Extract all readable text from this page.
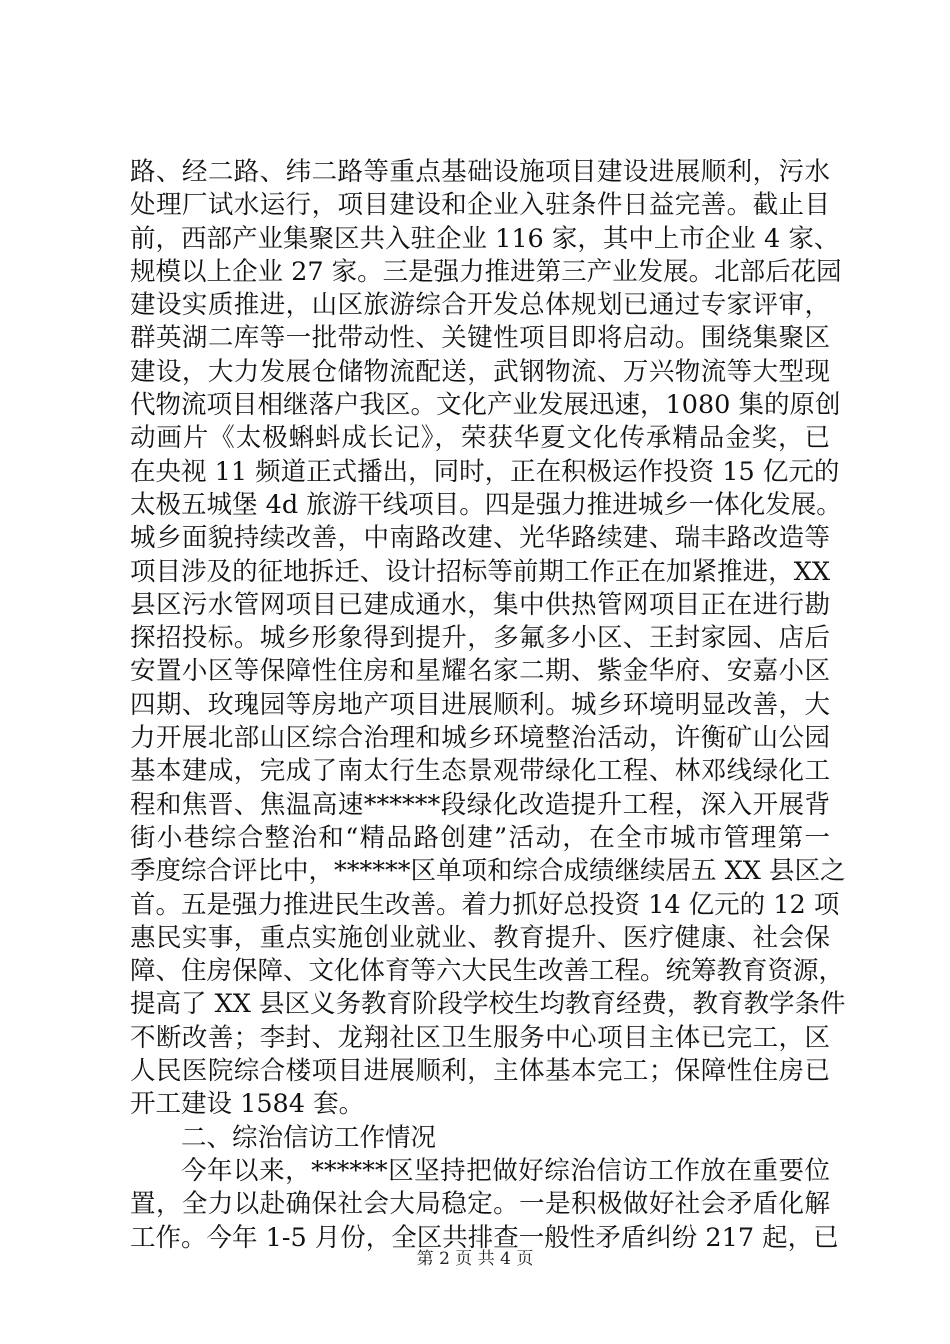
路、经二路、纬二路等重点基础设施项目建设进展顺利，污水
处理厂试水运行，项目建设和企业入驻条件日益完善。截止目
前，西部产业集聚区共入驻企业 116 家，其中上市企业 4 家、
规模以上企业 27 家。三是强力推进第三产业发展。北部后花园
建设实质推进，山区旅游综合开发总体规划已通过专家评审，
群英湖二库等一批带动性、关键性项目即将启动。围绕集聚区
建设，大力发展仓储物流配送，武钢物流、万兴物流等大型现
代物流项目相继落户我区。文化产业发展迅速，1080 集的原创
动画片《太极蝌蚪成长记》，荣获华夏文化传承精品金奖，已
在央视 11 频道正式播出，同时，正在积极运作投资 15 亿元的
太极五城堡 4d 旅游干线项目。四是强力推进城乡一体化发展。
城乡面貌持续改善，中南路改建、光华路续建、瑞丰路改造等
项目涉及的征地拆迁、设计招标等前期工作正在加紧推进，XX
县区污水管网项目已建成通水，集中供热管网项目正在进行勘
探招投标。城乡形象得到提升，多氟多小区、王封家园、店后
安置小区等保障性住房和星耀名家二期、紫金华府、安嘉小区
四期、玫瑰园等房地产项目进展顺利。城乡环境明显改善，大
力开展北部山区综合治理和城乡环境整治活动，许衡矿山公园
基本建成，完成了南太行生态景观带绿化工程、林邓线绿化工
程和焦晋、焦温高速******段绿化改造提升工程，深入开展背
街小巷综合整治和“精品路创建”活动，在全市城市管理第一
季度综合评比中，******区单项和综合成绩继续居五 XX 县区之
首。五是强力推进民生改善。着力抓好总投资 14 亿元的 12 项
惠民实事，重点实施创业就业、教育提升、医疗健康、社会保
障、住房保障、文化体育等六大民生改善工程。统筹教育资源，
提高了 XX 县区义务教育阶段学校生均教育经费，教育教学条件
不断改善；李封、龙翔社区卫生服务中心项目主体已完工，区
人民医院综合楼项目进展顺利，主体基本完工；保障性住房已
开工建设 1584 套。
二、综治信访工作情况
今年以来，******区坚持把做好综治信访工作放在重要位
置，全力以赴确保社会大局稳定。一是积极做好社会矛盾化解
工作。今年 1-5 月份，全区共排查一般性矛盾纠纷 217 起，已
第 2 页 共 4 页
